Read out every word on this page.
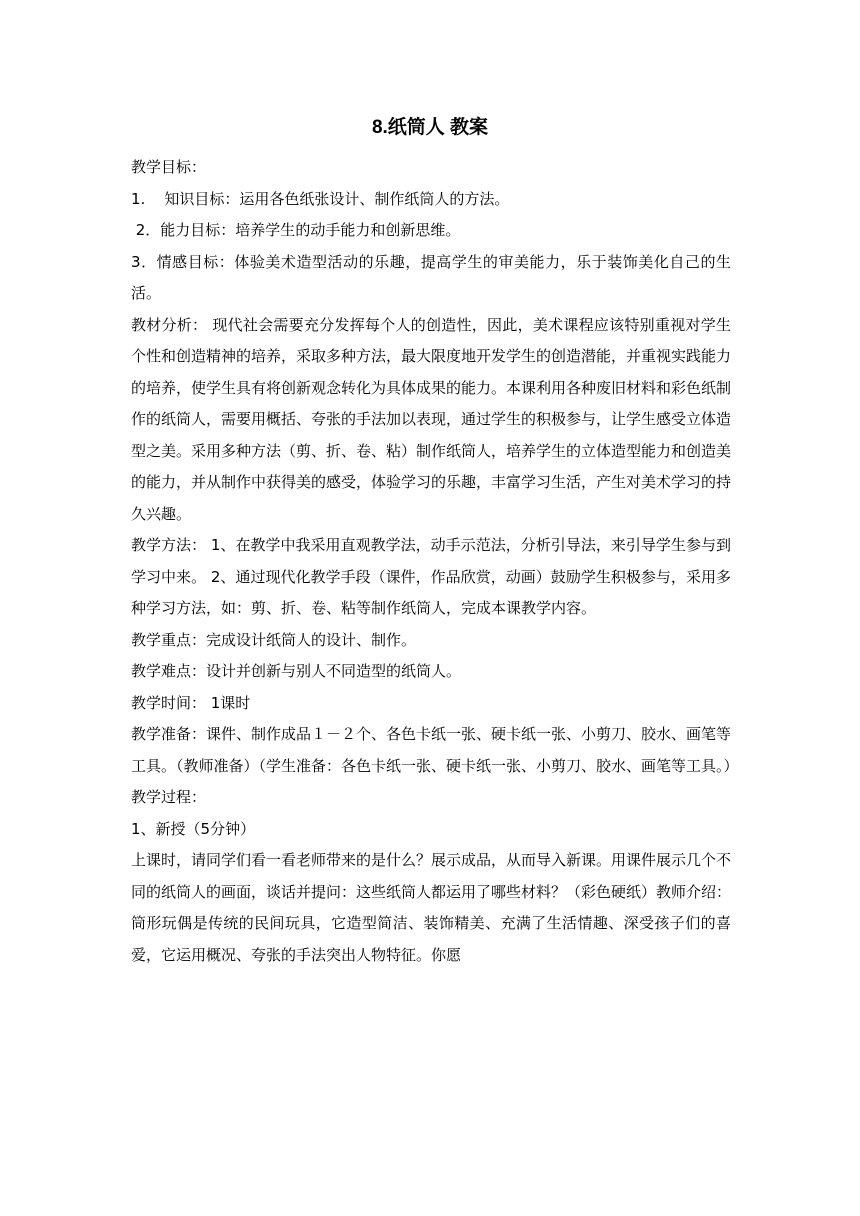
8.纸筒人 教案

教学目标：

1.    知识目标：运用各色纸张设计、制作纸筒人的方法。

2．能力目标：培养学生的动手能力和创新思维。

3．情感目标：体验美术造型活动的乐趣，提高学生的审美能力，乐于装饰美化自己的生活。

教材分析： 现代社会需要充分发挥每个人的创造性，因此，美术课程应该特别重视对学生个性和创造精神的培养，采取多种方法，最大限度地开发学生的创造潜能，并重视实践能力的培养，使学生具有将创新观念转化为具体成果的能力。本课利用各种废旧材料和彩色纸制作的纸筒人，需要用概括、夸张的手法加以表现，通过学生的积极参与，让学生感受立体造型之美。采用多种方法（剪、折、卷、粘）制作纸筒人，培养学生的立体造型能力和创造美的能力，并从制作中获得美的感受，体验学习的乐趣，丰富学习生活，产生对美术学习的持久兴趣。

教学方法： 1、在教学中我采用直观教学法，动手示范法，分析引导法，来引导学生参与到学习中来。 2、通过现代化教学手段（课件，作品欣赏，动画）鼓励学生积极参与，采用多种学习方法，如：剪、折、卷、粘等制作纸筒人，完成本课教学内容。

教学重点：完成设计纸筒人的设计、制作。

教学难点：设计并创新与别人不同造型的纸筒人。

教学时间： 1课时

教学准备：课件、制作成品１－２个、各色卡纸一张、硬卡纸一张、小剪刀、胶水、画笔等工具。（教师准备）（学生准备：各色卡纸一张、硬卡纸一张、小剪刀、胶水、画笔等工具。）

教学过程：

1、新授（5分钟）

上课时，请同学们看一看老师带来的是什么？展示成品，从而导入新课。用课件展示几个不同的纸筒人的画面，谈话并提问：这些纸筒人都运用了哪些材料？（彩色硬纸）教师介绍：筒形玩偶是传统的民间玩具，它造型简洁、装饰精美、充满了生活情趣、深受孩子们的喜爱，它运用概况、夸张的手法突出人物特征。你愿
